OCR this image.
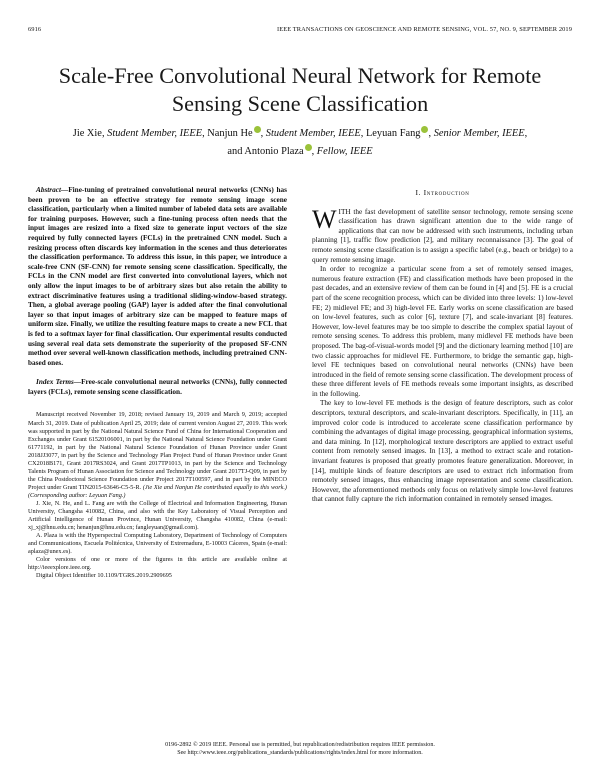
6916	IEEE TRANSACTIONS ON GEOSCIENCE AND REMOTE SENSING, VOL. 57, NO. 9, SEPTEMBER 2019
Scale-Free Convolutional Neural Network for Remote Sensing Scene Classification
Jie Xie, Student Member, IEEE, Nanjun He , Student Member, IEEE, Leyuan Fang , Senior Member, IEEE,
and Antonio Plaza , Fellow, IEEE

Abstract—Fine-tuning of pretrained convolutional neural networks (CNNs) has been proven to be an effective strategy for remote sensing image scene classification, particularly when a limited number of labeled data sets are available for training purposes. However, such a fine-tuning process often needs that the input images are resized into a fixed size to generate input vectors of the size required by fully connected layers (FCLs) in the pretrained CNN model. Such a resizing process often discards key information in the scenes and thus deteriorates the classification performance. To address this issue, in this paper, we introduce a scale-free CNN (SF-CNN) for remote sensing scene classification. Specifically, the FCLs in the CNN model are first converted into convolutional layers, which not only allow the input images to be of arbitrary sizes but also retain the ability to extract discriminative features using a traditional sliding-window-based strategy. Then, a global average pooling (GAP) layer is added after the final convolutional layer so that input images of arbitrary size can be mapped to feature maps of uniform size. Finally, we utilize the resulting feature maps to create a new FCL that is fed to a softmax layer for final classification. Our experimental results conducted using several real data sets demonstrate the superiority of the proposed SF-CNN method over several well-known classification methods, including pretrained CNN-based ones.

Index Terms—Free-scale convolutional neural networks (CNNs), fully connected layers (FCLs), remote sensing scene classification.

Manuscript received November 19, 2018; revised January 19, 2019 and March 9, 2019; accepted March 31, 2019. Date of publication April 25, 2019; date of current version August 27, 2019. This work was supported in part by the National Natural Science Fund of China for International Cooperation and Exchanges under Grant 61520106001, in part by the National Natural Science Foundation under Grant 61771192, in part by the National Natural Science Foundation of Hunan Province under Grant 2018JJ3077, in part by the Science and Technology Plan Project Fund of Hunan Province under Grant CX2018B171, Grant 2017RS3024, and Grant 2017TP1013, in part by the Science and Technology Talents Program of Hunan Association for Science and Technology under Grant 2017TJ-Q09, in part by the China Postdoctoral Science Foundation under Project 2017T100597, and in part by the MINECO Project under Grant TIN2015-63646-C5-5-R. (Jie Xie and Nanjun He contributed equally to this work.) (Corresponding author: Leyuan Fang.)

J. Xie, N. He, and L. Fang are with the College of Electrical and Information Engineering, Hunan University, Changsha 410082, China, and also with the Key Laboratory of Visual Perception and Artificial Intelligence of Hunan Province, Hunan University, Changsha 410082, China (e-mail: xj_xj@hnu.edu.cn; henanjun@hnu.edu.cn; fangleyuan@gmail.com).

A. Plaza is with the Hyperspectral Computing Laboratory, Department of Technology of Computers and Communications, Escuela Politécnica, University of Extremadura, E-10003 Cáceres, Spain (e-mail: aplaza@unex.es).

Color versions of one or more of the figures in this article are available online at http://ieeexplore.ieee.org.

Digital Object Identifier 10.1109/TGRS.2019.2909695

I. Introduction

WITH the fast development of satellite sensor technology, remote sensing scene classification has drawn significant attention due to the wide range of applications that can now be addressed with such instruments, including urban planning [1], traffic flow prediction [2], and military reconnaissance [3]. The goal of remote sensing scene classification is to assign a specific label (e.g., beach or bridge) to a query remote sensing image.

In order to recognize a particular scene from a set of remotely sensed images, numerous feature extraction (FE) and classification methods have been proposed in the past decades, and an extensive review of them can be found in [4] and [5]. FE is a crucial part of the scene recognition process, which can be divided into three levels: 1) low-level FE; 2) midlevel FE; and 3) high-level FE. Early works on scene classification are based on low-level features, such as color [6], texture [7], and scale-invariant [8] features. However, low-level features may be too simple to describe the complex spatial layout of remote sensing scenes. To address this problem, many midlevel FE methods have been proposed. The bag-of-visual-words model [9] and the dictionary learning method [10] are two classic approaches for midlevel FE. Furthermore, to bridge the semantic gap, high-level FE techniques based on convolutional neural networks (CNNs) have been introduced in the field of remote sensing scene classification. The development process of these three different levels of FE methods reveals some important insights, as described in the following.

The key to low-level FE methods is the design of feature descriptors, such as color descriptors, textural descriptors, and scale-invariant descriptors. Specifically, in [11], an improved color code is introduced to accelerate scene classification performance by combining the advantages of digital image processing, geographical information systems, and data mining. In [12], morphological texture descriptors are applied to extract useful content from remotely sensed images. In [13], a method to extract scale and rotation-invariant features is proposed that greatly promotes feature generalization. Moreover, in [14], multiple kinds of feature descriptors are used to extract rich information from remotely sensed images, thus enhancing image representation and scene classification. However, the aforementioned methods only focus on relatively simple low-level features that cannot fully capture the rich information contained in remotely sensed images.

0196-2892 © 2019 IEEE. Personal use is permitted, but republication/redistribution requires IEEE permission.
See http://www.ieee.org/publications_standards/publications/rights/index.html for more information.
